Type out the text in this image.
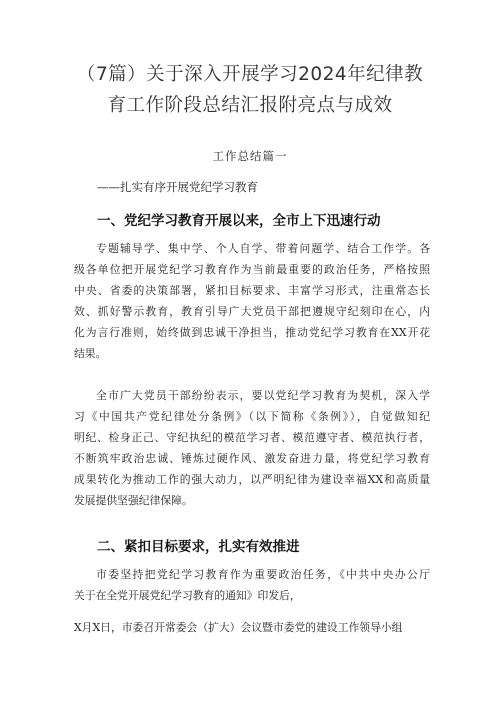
（7篇）关于深入开展学习2024年纪律教
育工作阶段总结汇报附亮点与成效
工作总结篇一
——扎实有序开展党纪学习教育
一、党纪学习教育开展以来，全市上下迅速行动
专题辅导学、集中学、个人自学、带着问题学、结合工作学。各
级各单位把开展党纪学习教育作为当前最重要的政治任务，严格按照
中央、省委的决策部署，紧扣目标要求、丰富学习形式，注重常态长
效、抓好警示教育，教育引导广大党员干部把遵规守纪刻印在心，内
化为言行准则，始终做到忠诚干净担当，推动党纪学习教育在XX开花
结果。
全市广大党员干部纷纷表示，要以党纪学习教育为契机，深入学
习《中国共产党纪律处分条例》（以下简称《条例》），自觉做知纪
明纪、检身正己、守纪执纪的模范学习者、模范遵守者、模范执行者，
不断筑牢政治忠诚、锤炼过硬作风、激发奋进力量，将党纪学习教育
成果转化为推动工作的强大动力，以严明纪律为建设幸福XX和高质量
发展提供坚强纪律保障。
二、紧扣目标要求，扎实有效推进
市委坚持把党纪学习教育作为重要政治任务，《中共中央办公厅
关于在全党开展党纪学习教育的通知》印发后，
X月X日，市委召开常委会（扩大）会议暨市委党的建设工作领导小组
